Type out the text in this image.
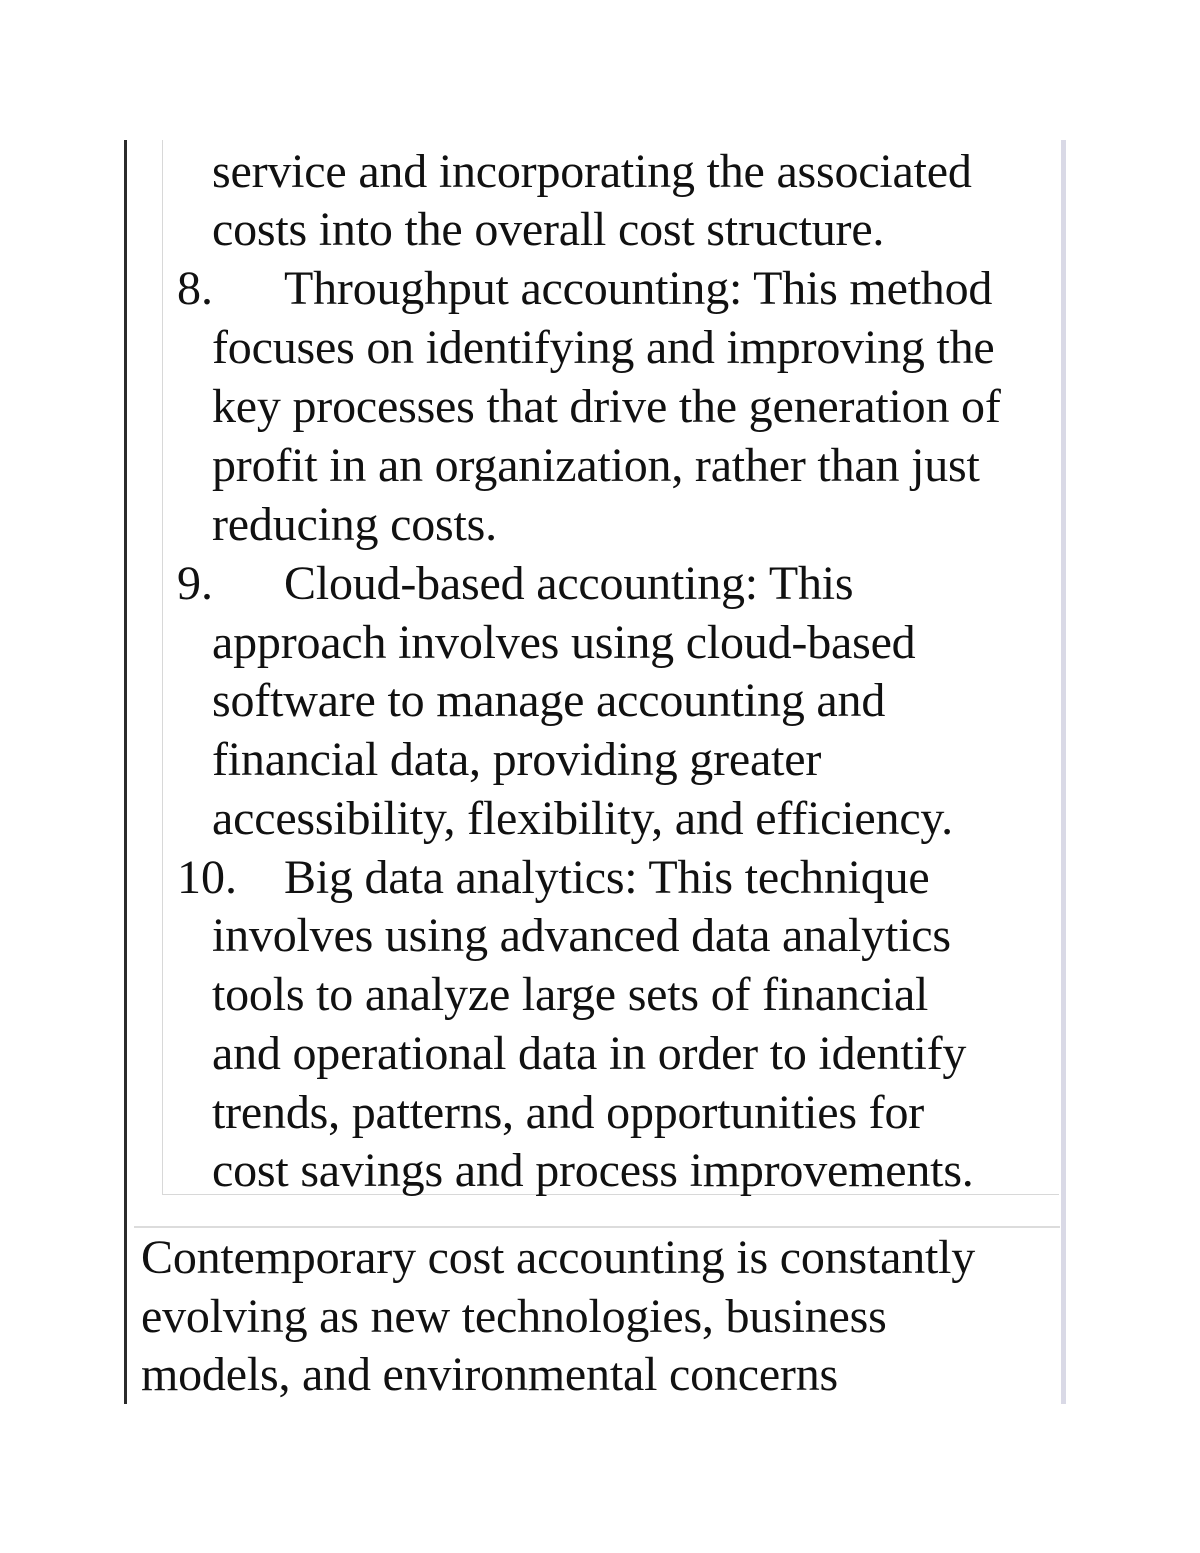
service and incorporating the associated
costs into the overall cost structure.
8. Throughput accounting: This method
focuses on identifying and improving the
key processes that drive the generation of
profit in an organization, rather than just
reducing costs.
9. Cloud-based accounting: This
approach involves using cloud-based
software to manage accounting and
financial data, providing greater
accessibility, flexibility, and efficiency.
10. Big data analytics: This technique
involves using advanced data analytics
tools to analyze large sets of financial
and operational data in order to identify
trends, patterns, and opportunities for
cost savings and process improvements.
Contemporary cost accounting is constantly
evolving as new technologies, business
models, and environmental concerns
